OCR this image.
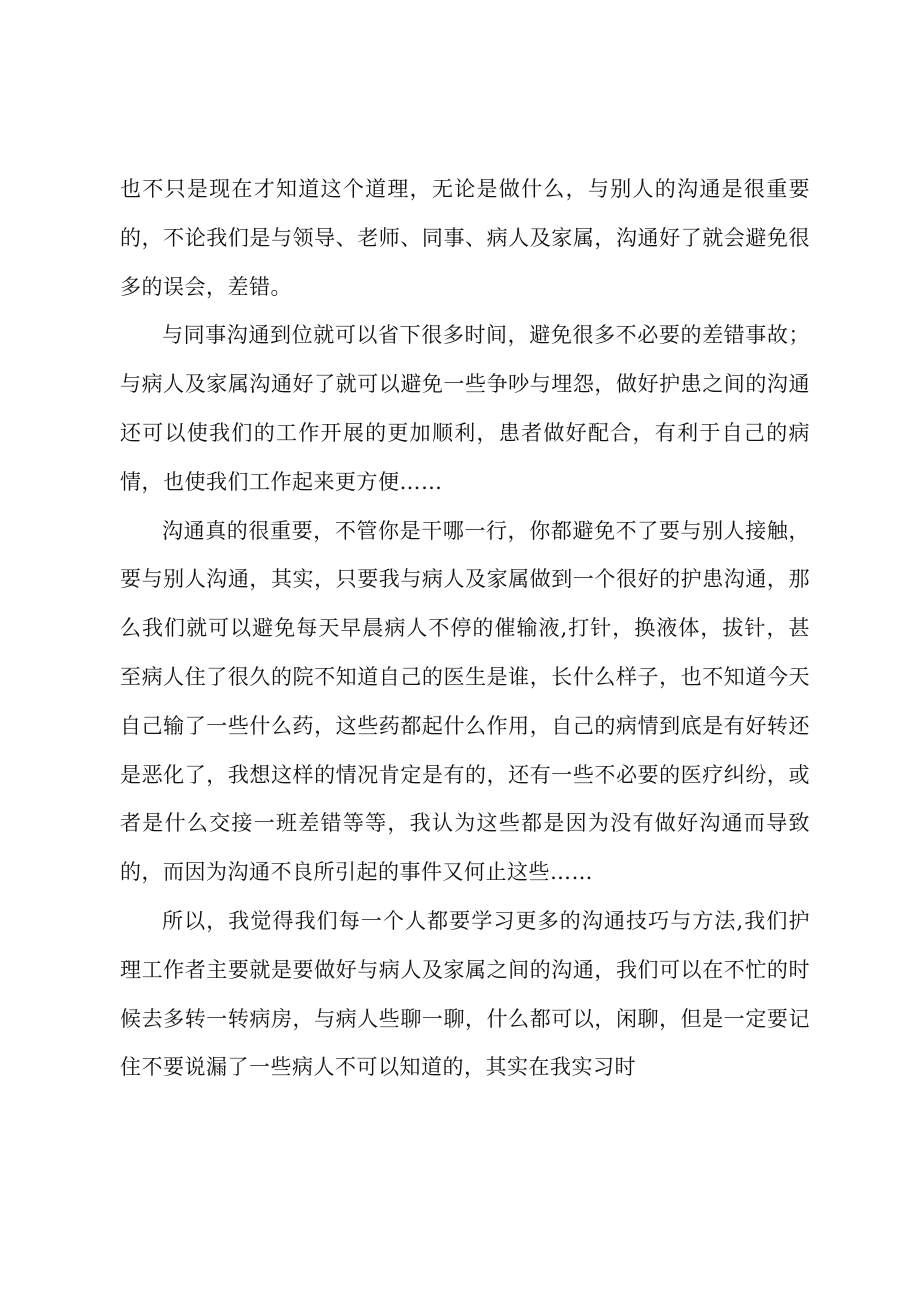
也不只是现在才知道这个道理，无论是做什么，与别人的沟通是很重要的，不论我们是与领导、老师、同事、病人及家属，沟通好了就会避免很多的误会，差错。

与同事沟通到位就可以省下很多时间，避免很多不必要的差错事故；与病人及家属沟通好了就可以避免一些争吵与埋怨，做好护患之间的沟通还可以使我们的工作开展的更加顺利，患者做好配合，有利于自己的病情，也使我们工作起来更方便……

沟通真的很重要，不管你是干哪一行，你都避免不了要与别人接触，要与别人沟通，其实，只要我与病人及家属做到一个很好的护患沟通，那么我们就可以避免每天早晨病人不停的催输液,打针，换液体，拔针，甚至病人住了很久的院不知道自己的医生是谁，长什么样子，也不知道今天自己输了一些什么药，这些药都起什么作用，自己的病情到底是有好转还是恶化了，我想这样的情况肯定是有的，还有一些不必要的医疗纠纷，或者是什么交接一班差错等等，我认为这些都是因为没有做好沟通而导致的，而因为沟通不良所引起的事件又何止这些……

所以，我觉得我们每一个人都要学习更多的沟通技巧与方法,我们护理工作者主要就是要做好与病人及家属之间的沟通，我们可以在不忙的时候去多转一转病房，与病人些聊一聊，什么都可以，闲聊，但是一定要记住不要说漏了一些病人不可以知道的，其实在我实习时
